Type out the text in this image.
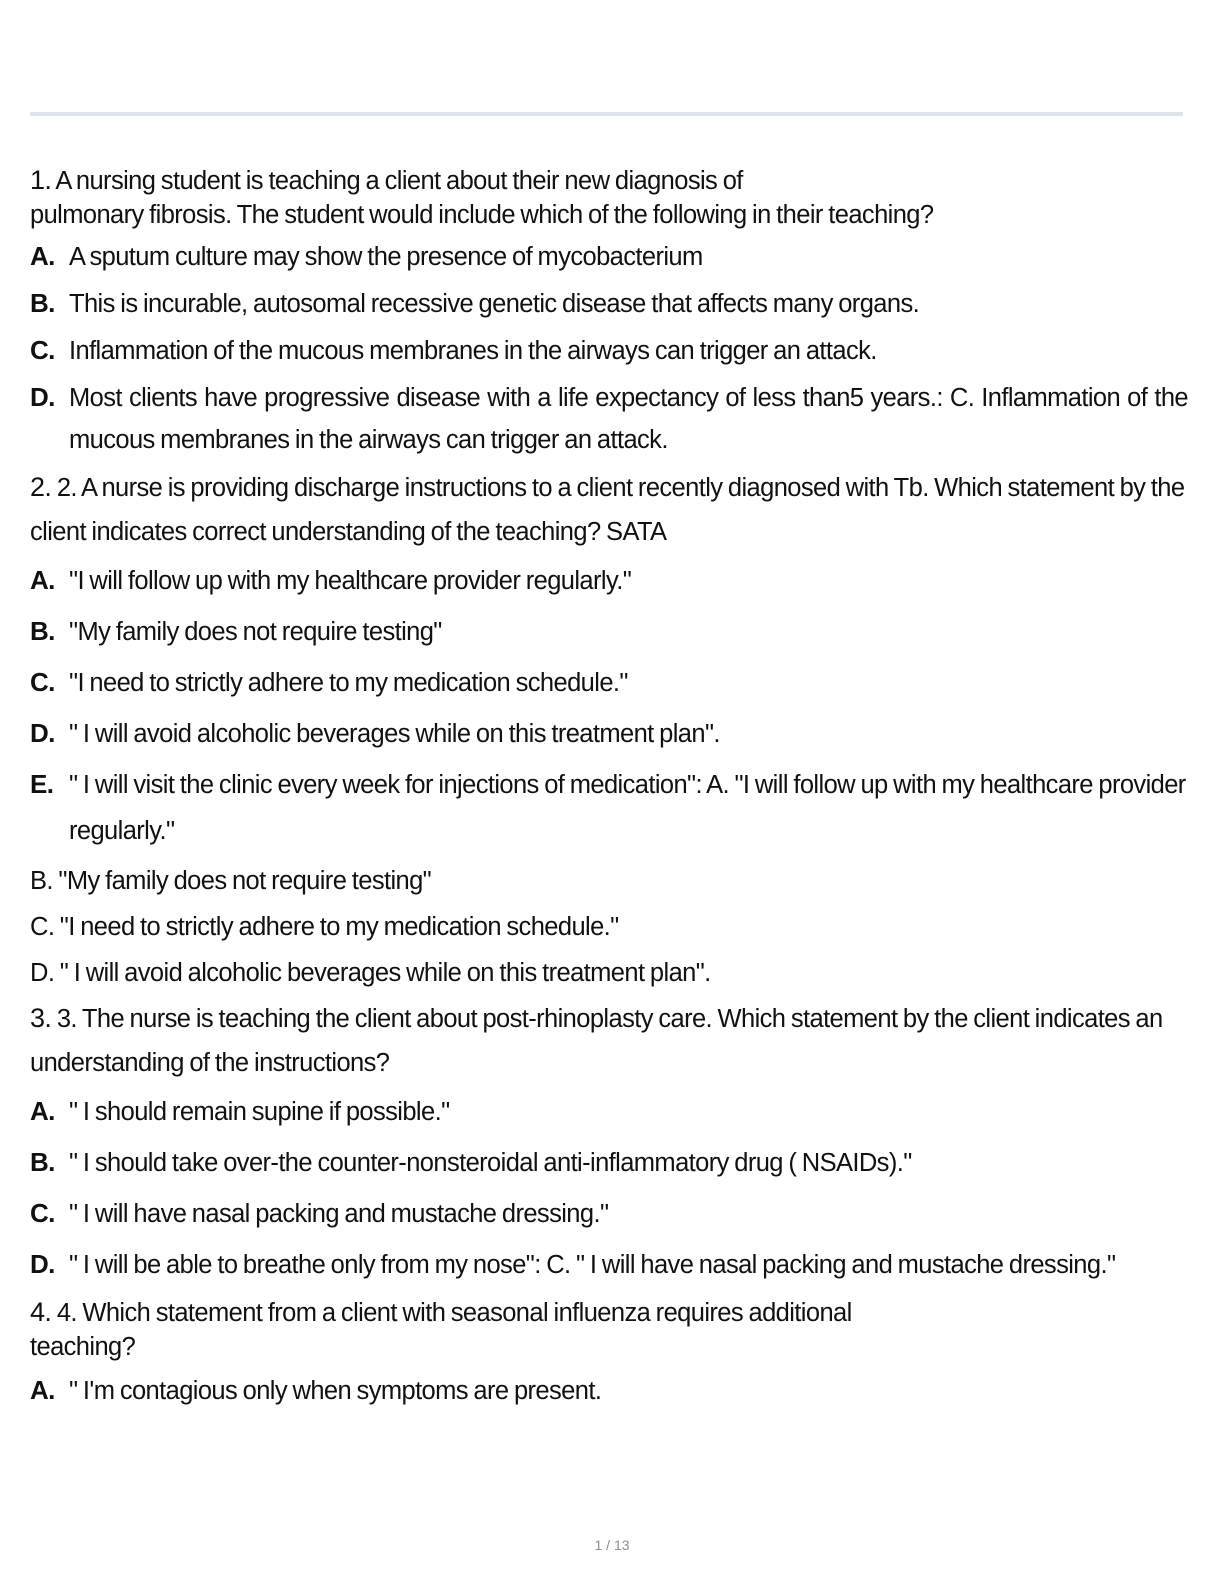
1. A nursing student is teaching a client about their new diagnosis of
pulmonary fibrosis. The student would include which of the following in their teaching?
A. A sputum culture may show the presence of mycobacterium
B. This is incurable, autosomal recessive genetic disease that affects many organs.
C. Inflammation of the mucous membranes in the airways can trigger an attack.
D. Most clients have progressive disease with a life expectancy of less than5 years.: C. Inflammation of the mucous membranes in the airways can trigger an attack.
2. 2. A nurse is providing discharge instructions to a client recently diagnosed with Tb. Which statement by the client indicates correct understanding of the teaching? SATA
A. "I will follow up with my healthcare provider regularly."
B. "My family does not require testing"
C. "I need to strictly adhere to my medication schedule."
D. " I will avoid alcoholic beverages while on this treatment plan".
E. " I will visit the clinic every week for injections of medication": A. "I will follow up with my healthcare provider regularly."
B. "My family does not require testing"
C. "I need to strictly adhere to my medication schedule."
D. " I will avoid alcoholic beverages while on this treatment plan".
3. 3. The nurse is teaching the client about post-rhinoplasty care. Which statement by the client indicates an understanding of the instructions?
A. " I should remain supine if possible."
B. " I should take over-the counter-nonsteroidal anti-inflammatory drug ( NSAIDs)."
C. " I will have nasal packing and mustache dressing."
D. " I will be able to breathe only from my nose": C. " I will have nasal packing and mustache dressing."
4. 4. Which statement from a client with seasonal influenza requires additional
teaching?
A. " I'm contagious only when symptoms are present.
1 / 13
